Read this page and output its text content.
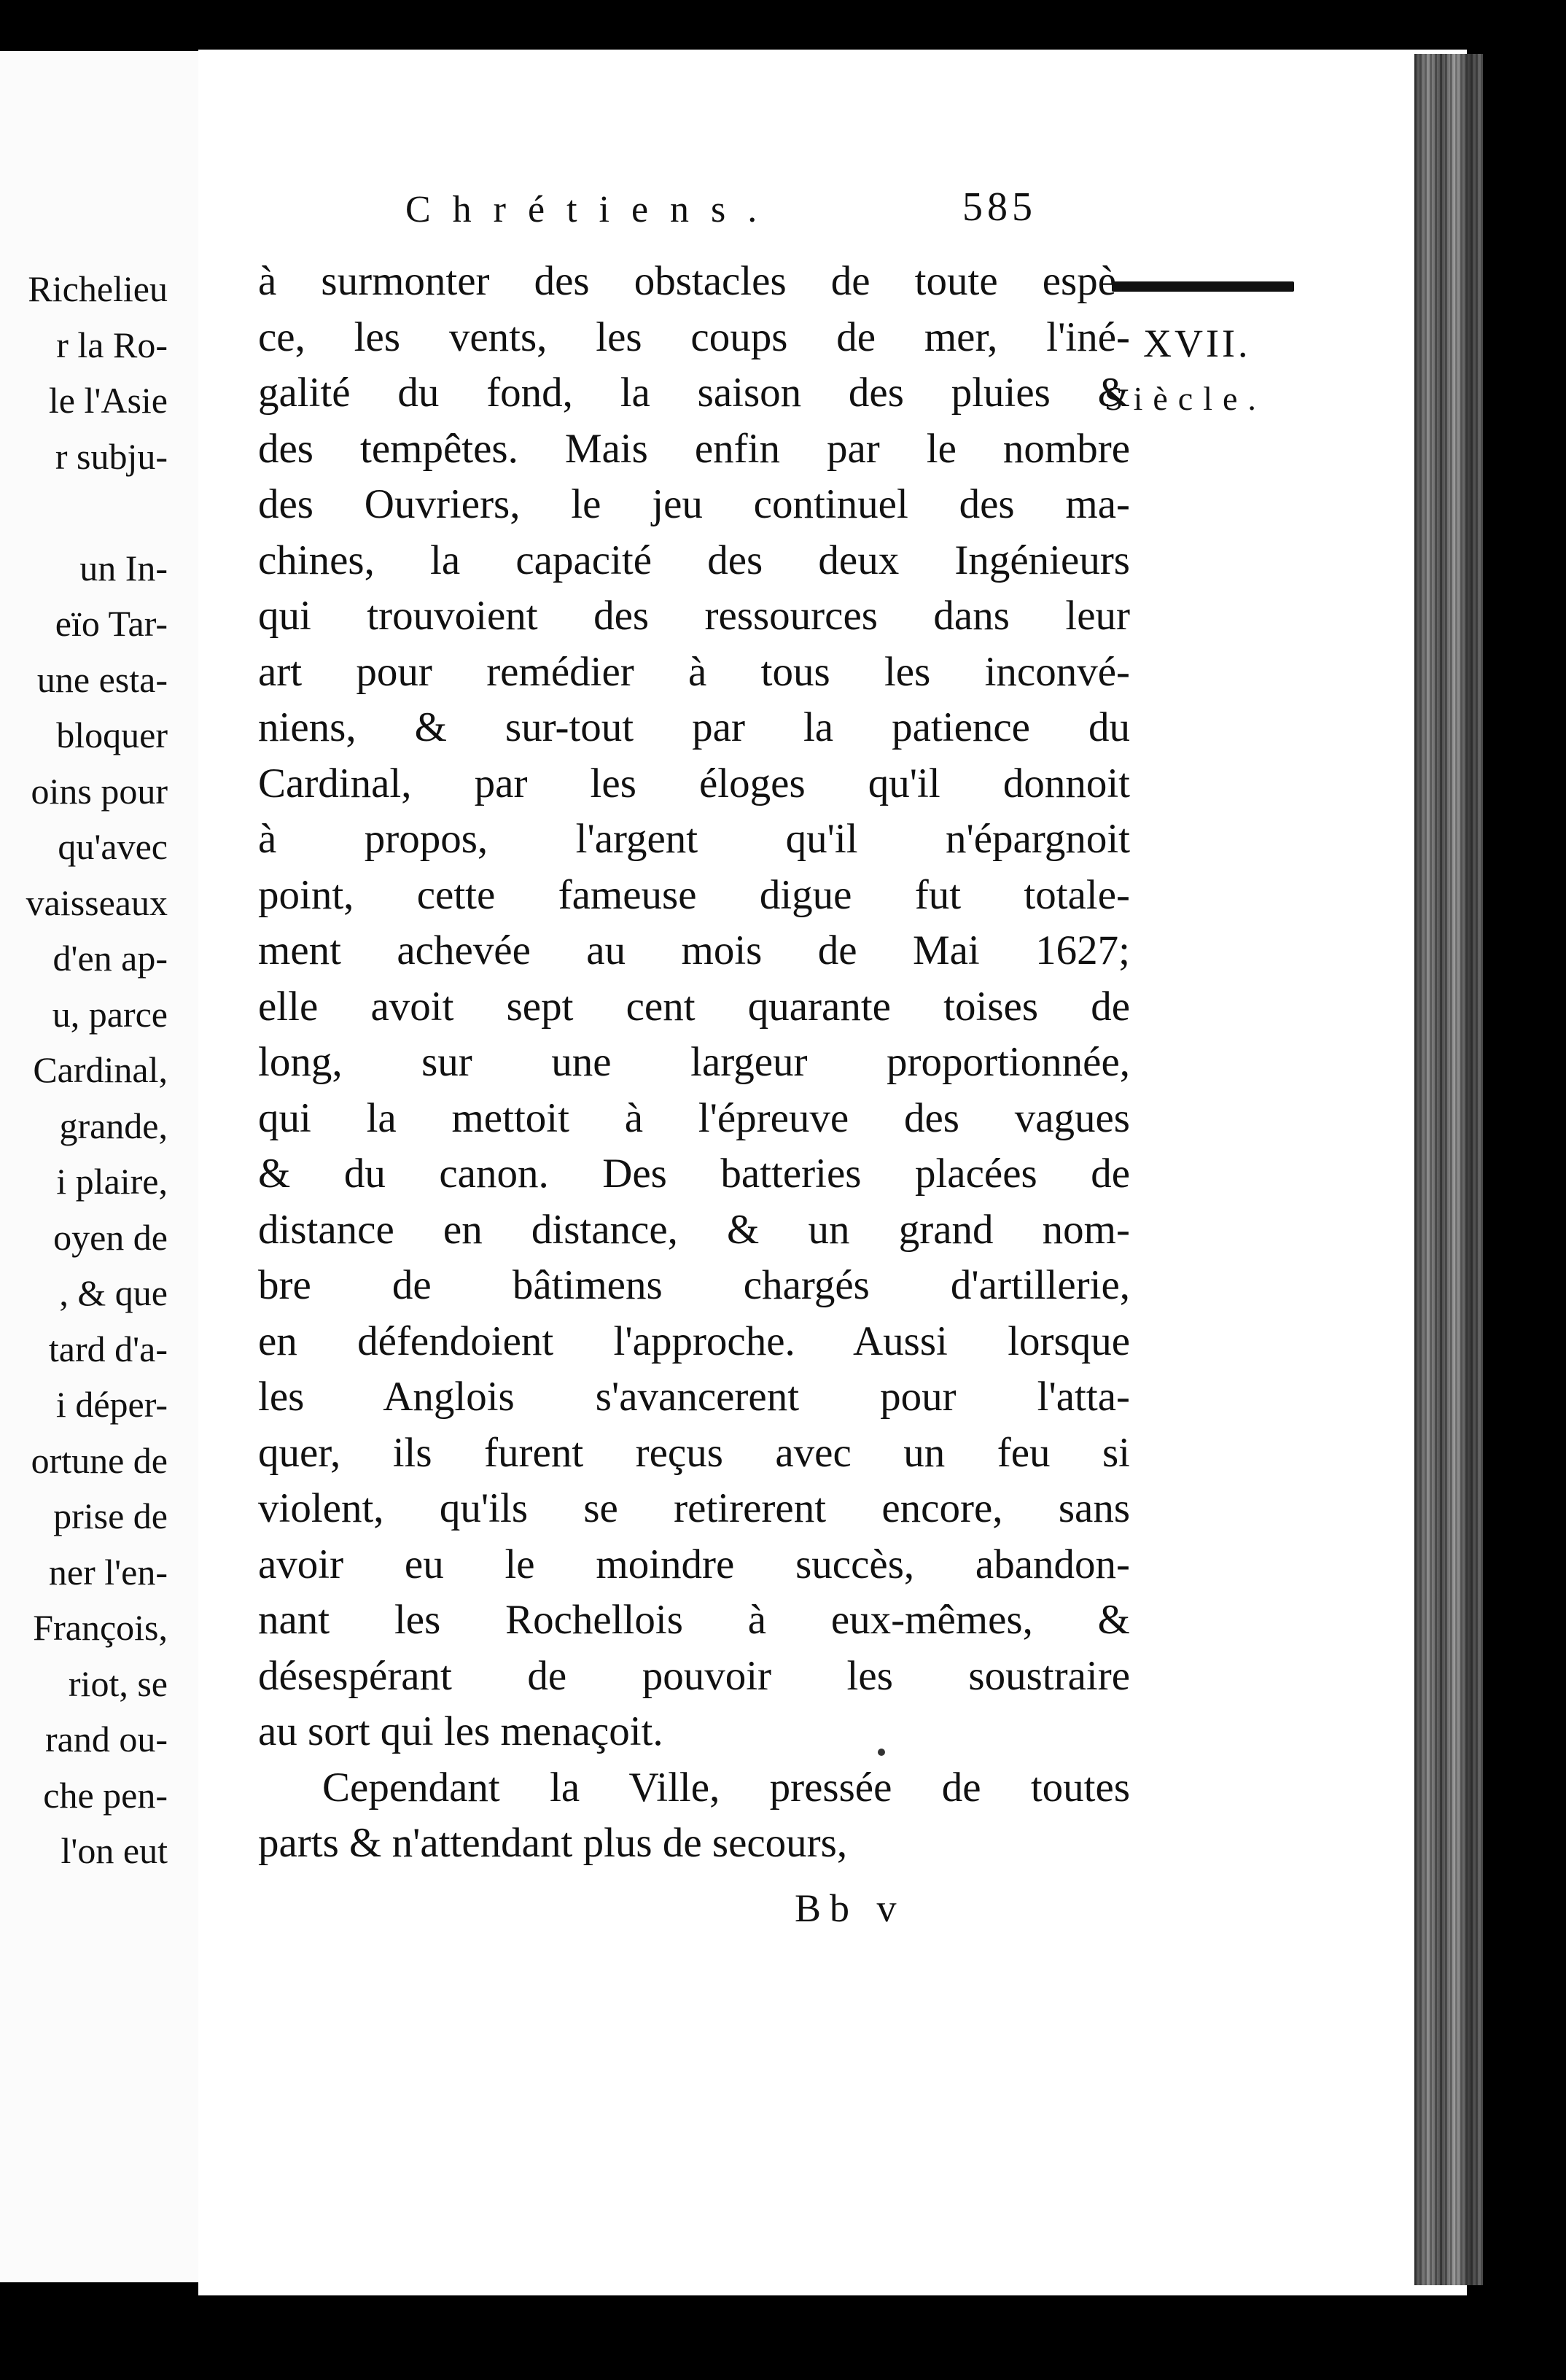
Richelieu
r la Ro-
le l'Asie
r subju-
un In-
eïo Tar-
une esta-
bloquer
oins pour
qu'avec
vaisseaux
d'en ap-
u, parce
Cardinal,
grande,
i plaire,
oyen de
, & que
tard d'a-
i déper-
ortune de
prise de
ner l'en-
François,
riot, se
rand ou-
che pen-
l'on eut
Chrétiens.	585
XVII.
Siècle.
à surmonter des obstacles de toute espè-
ce, les vents, les coups de mer, l'iné-
galité du fond, la saison des pluies &
des tempêtes. Mais enfin par le nombre
des Ouvriers, le jeu continuel des ma-
chines, la capacité des deux Ingénieurs
qui trouvoient des ressources dans leur
art pour remédier à tous les inconvé-
niens, & sur-tout par la patience du
Cardinal, par les éloges qu'il donnoit
à propos, l'argent qu'il n'épargnoit
point, cette fameuse digue fut totale-
ment achevée au mois de Mai 1627;
elle avoit sept cent quarante toises de
long, sur une largeur proportionnée,
qui la mettoit à l'épreuve des vagues
& du canon. Des batteries placées de
distance en distance, & un grand nom-
bre de bâtimens chargés d'artillerie,
en défendoient l'approche. Aussi lorsque
les Anglois s'avancerent pour l'atta-
quer, ils furent reçus avec un feu si
violent, qu'ils se retirerent encore, sans
avoir eu le moindre succès, abandon-
nant les Rochellois à eux-mêmes, &
désespérant de pouvoir les soustraire
au sort qui les menaçoit.
Cependant la Ville, pressée de toutes
parts & n'attendant plus de secours,
Bb v
